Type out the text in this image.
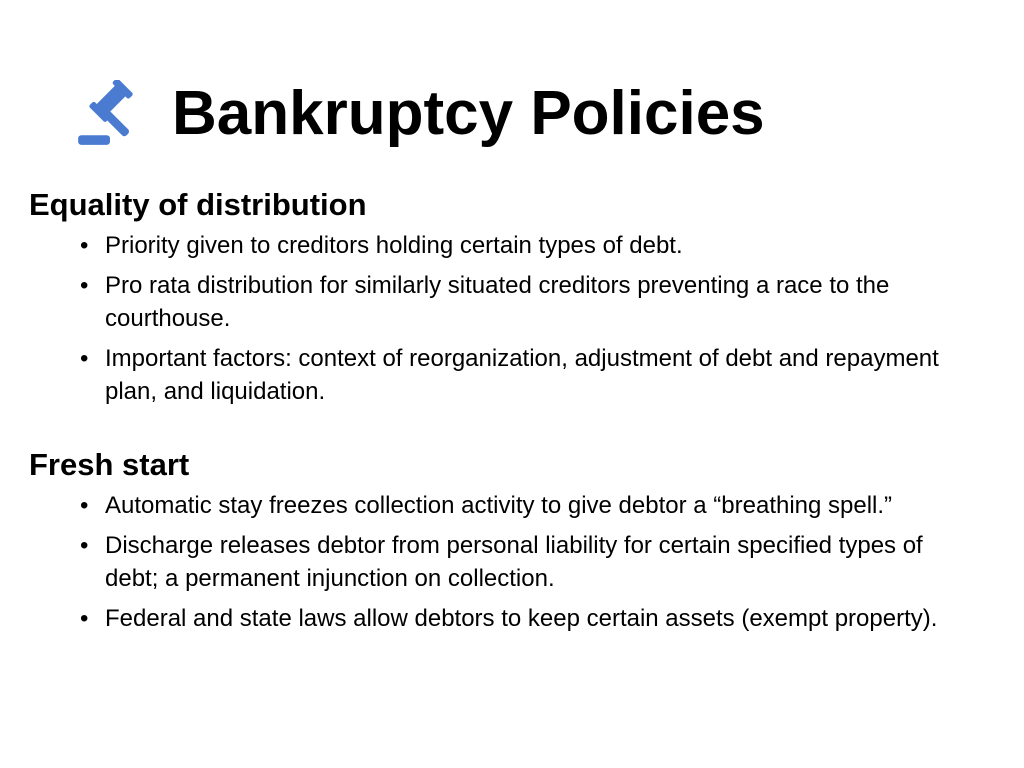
Bankruptcy Policies
Equality of distribution
• Priority given to creditors holding certain types of debt.
• Pro rata distribution for similarly situated creditors preventing a race to the courthouse.
• Important factors: context of reorganization, adjustment of debt and repayment plan, and liquidation.
Fresh start
• Automatic stay freezes collection activity to give debtor a “breathing spell.”
• Discharge releases debtor from personal liability for certain specified types of debt; a permanent injunction on collection.
• Federal and state laws allow debtors to keep certain assets (exempt property).
